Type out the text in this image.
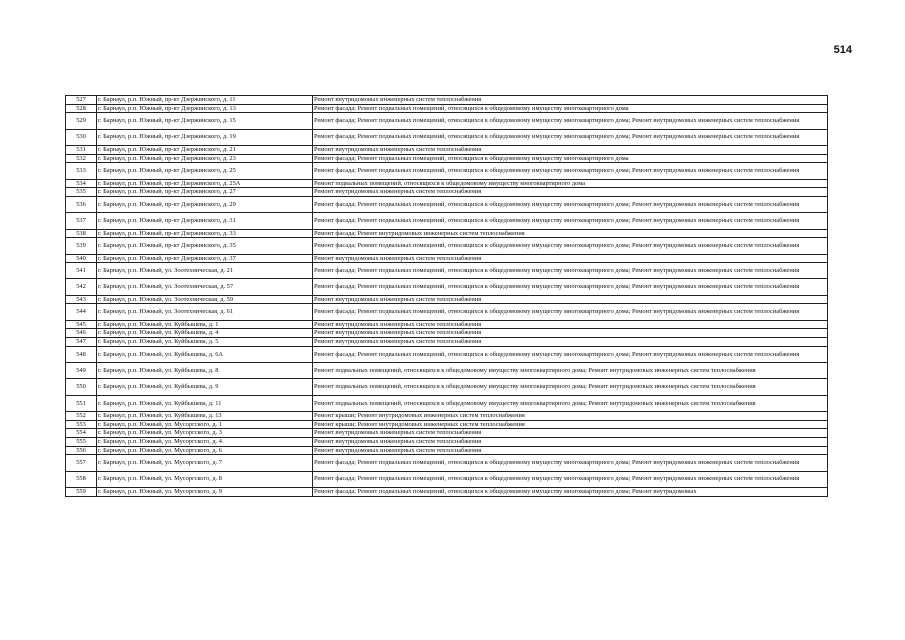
514
527	г. Барнаул, р.п. Южный, пр-кт Дзержинского, д. 11	Ремонт внутридомовых инженерных систем теплоснабжения
528	г. Барнаул, р.п. Южный, пр-кт Дзержинского, д. 13	Ремонт фасада; Ремонт подвальных помещений, относящихся к общедомовому имуществу многоквартирного дома
529	г. Барнаул, р.п. Южный, пр-кт Дзержинского, д. 15	Ремонт фасада; Ремонт подвальных помещений, относящихся к общедомовому имуществу многоквартирного дома; Ремонт внутридомовых инженерных систем теплоснабжения
530	г. Барнаул, р.п. Южный, пр-кт Дзержинского, д. 19	Ремонт фасада; Ремонт подвальных помещений, относящихся к общедомовому имуществу многоквартирного дома; Ремонт внутридомовых инженерных систем теплоснабжения
531	г. Барнаул, р.п. Южный, пр-кт Дзержинского, д. 21	Ремонт внутридомовых инженерных систем теплоснабжения
532	г. Барнаул, р.п. Южный, пр-кт Дзержинского, д. 23	Ремонт фасада; Ремонт подвальных помещений, относящихся к общедомовому имуществу многоквартирного дома
533	г. Барнаул, р.п. Южный, пр-кт Дзержинского, д. 25	Ремонт фасада; Ремонт подвальных помещений, относящихся к общедомовому имуществу многоквартирного дома; Ремонт внутридомовых инженерных систем теплоснабжения
534	г. Барнаул, р.п. Южный, пр-кт Дзержинского, д. 25А	Ремонт подвальных помещений, относящихся к общедомовому имуществу многоквартирного дома
535	г. Барнаул, р.п. Южный, пр-кт Дзержинского, д. 27	Ремонт внутридомовых инженерных систем теплоснабжения
536	г. Барнаул, р.п. Южный, пр-кт Дзержинского, д. 29	Ремонт фасада; Ремонт подвальных помещений, относящихся к общедомовому имуществу многоквартирного дома; Ремонт внутридомовых инженерных систем теплоснабжения
537	г. Барнаул, р.п. Южный, пр-кт Дзержинского, д. 31	Ремонт фасада; Ремонт подвальных помещений, относящихся к общедомовому имуществу многоквартирного дома; Ремонт внутридомовых инженерных систем теплоснабжения
538	г. Барнаул, р.п. Южный, пр-кт Дзержинского, д. 33	Ремонт фасада; Ремонт внутридомовых инженерных систем теплоснабжения
539	г. Барнаул, р.п. Южный, пр-кт Дзержинского, д. 35	Ремонт фасада; Ремонт подвальных помещений, относящихся к общедомовому имуществу многоквартирного дома; Ремонт внутридомовых инженерных систем теплоснабжения
540	г. Барнаул, р.п. Южный, пр-кт Дзержинского, д. 37	Ремонт внутридомовых инженерных систем теплоснабжения
541	г. Барнаул, р.п. Южный, ул. Зоотехническая, д. 21	Ремонт фасада; Ремонт подвальных помещений, относящихся к общедомовому имуществу многоквартирного дома; Ремонт внутридомовых инженерных систем теплоснабжения
542	г. Барнаул, р.п. Южный, ул. Зоотехническая, д. 57	Ремонт фасада; Ремонт подвальных помещений, относящихся к общедомовому имуществу многоквартирного дома; Ремонт внутридомовых инженерных систем теплоснабжения
543	г. Барнаул, р.п. Южный, ул. Зоотехническая, д. 59	Ремонт внутридомовых инженерных систем теплоснабжения
544	г. Барнаул, р.п. Южный, ул. Зоотехническая, д. 61	Ремонт фасада; Ремонт подвальных помещений, относящихся к общедомовому имуществу многоквартирного дома; Ремонт внутридомовых инженерных систем теплоснабжения
545	г. Барнаул, р.п. Южный, ул. Куйбышева, д. 1	Ремонт внутридомовых инженерных систем теплоснабжения
546	г. Барнаул, р.п. Южный, ул. Куйбышева, д. 4	Ремонт внутридомовых инженерных систем теплоснабжения
547	г. Барнаул, р.п. Южный, ул. Куйбышева, д. 5	Ремонт внутридомовых инженерных систем теплоснабжения
548	г. Барнаул, р.п. Южный, ул. Куйбышева, д. 6А	Ремонт фасада; Ремонт подвальных помещений, относящихся к общедомовому имуществу многоквартирного дома; Ремонт внутридомовых инженерных систем теплоснабжения
549	г. Барнаул, р.п. Южный, ул. Куйбышева, д. 8	Ремонт подвальных помещений, относящихся к общедомовому имуществу многоквартирного дома; Ремонт внутридомовых инженерных систем теплоснабжения
550	г. Барнаул, р.п. Южный, ул. Куйбышева, д. 9	Ремонт подвальных помещений, относящихся к общедомовому имуществу многоквартирного дома; Ремонт внутридомовых инженерных систем теплоснабжения
551	г. Барнаул, р.п. Южный, ул. Куйбышева, д. 11	Ремонт подвальных помещений, относящихся к общедомовому имуществу многоквартирного дома; Ремонт внутридомовых инженерных систем теплоснабжения
552	г. Барнаул, р.п. Южный, ул. Куйбышева, д. 13	Ремонт крыши; Ремонт внутридомовых инженерных систем теплоснабжения
553	г. Барнаул, р.п. Южный, ул. Мусоргского, д. 1	Ремонт крыши; Ремонт внутридомовых инженерных систем теплоснабжения
554	г. Барнаул, р.п. Южный, ул. Мусоргского, д. 3	Ремонт внутридомовых инженерных систем теплоснабжения
555	г. Барнаул, р.п. Южный, ул. Мусоргского, д. 4	Ремонт внутридомовых инженерных систем теплоснабжения
556	г. Барнаул, р.п. Южный, ул. Мусоргского, д. 6	Ремонт внутридомовых инженерных систем теплоснабжения
557	г. Барнаул, р.п. Южный, ул. Мусоргского, д. 7	Ремонт фасада; Ремонт подвальных помещений, относящихся к общедомовому имуществу многоквартирного дома; Ремонт внутридомовых инженерных систем теплоснабжения
558	г. Барнаул, р.п. Южный, ул. Мусоргского, д. 8	Ремонт фасада; Ремонт подвальных помещений, относящихся к общедомовому имуществу многоквартирного дома; Ремонт внутридомовых инженерных систем теплоснабжения
559	г. Барнаул, р.п. Южный, ул. Мусоргского, д. 9	Ремонт фасада; Ремонт подвальных помещений, относящихся к общедомовому имуществу многоквартирного дома; Ремонт внутридомовых
